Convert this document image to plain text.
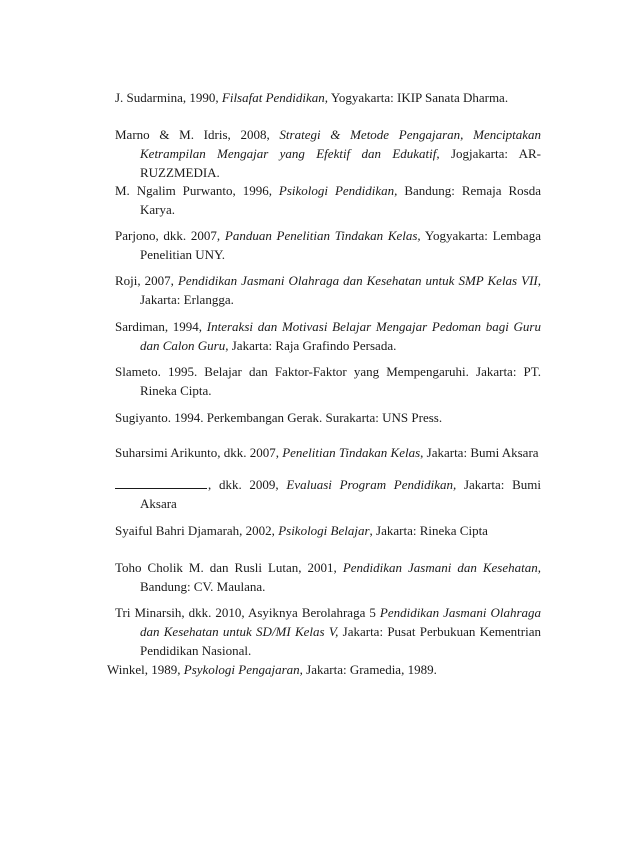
J. Sudarmina, 1990, Filsafat Pendidikan, Yogyakarta: IKIP Sanata Dharma.
Marno & M. Idris, 2008, Strategi & Metode Pengajaran, Menciptakan Ketrampilan Mengajar yang Efektif dan Edukatif, Jogjakarta: AR-RUZZMEDIA.
M. Ngalim Purwanto, 1996, Psikologi Pendidikan, Bandung: Remaja Rosda Karya.
Parjono, dkk. 2007, Panduan Penelitian Tindakan Kelas, Yogyakarta: Lembaga Penelitian UNY.
Roji, 2007, Pendidikan Jasmani Olahraga dan Kesehatan untuk SMP Kelas VII, Jakarta: Erlangga.
Sardiman, 1994, Interaksi dan Motivasi Belajar Mengajar Pedoman bagi Guru dan Calon Guru, Jakarta: Raja Grafindo Persada.
Slameto. 1995. Belajar dan Faktor-Faktor yang Mempengaruhi. Jakarta: PT. Rineka Cipta.
Sugiyanto. 1994. Perkembangan Gerak. Surakarta: UNS Press.
Suharsimi Arikunto, dkk. 2007, Penelitian Tindakan Kelas, Jakarta: Bumi Aksara
, dkk. 2009, Evaluasi Program Pendidikan, Jakarta: Bumi Aksara
Syaiful Bahri Djamarah, 2002, Psikologi Belajar, Jakarta: Rineka Cipta
Toho Cholik M. dan Rusli Lutan, 2001, Pendidikan Jasmani dan Kesehatan, Bandung: CV. Maulana.
Tri Minarsih, dkk. 2010, Asyiknya Berolahraga 5 Pendidikan Jasmani Olahraga dan Kesehatan untuk SD/MI Kelas V, Jakarta: Pusat Perbukuan Kementrian Pendidikan Nasional.
Winkel, 1989, Psykologi Pengajaran, Jakarta: Gramedia, 1989.
